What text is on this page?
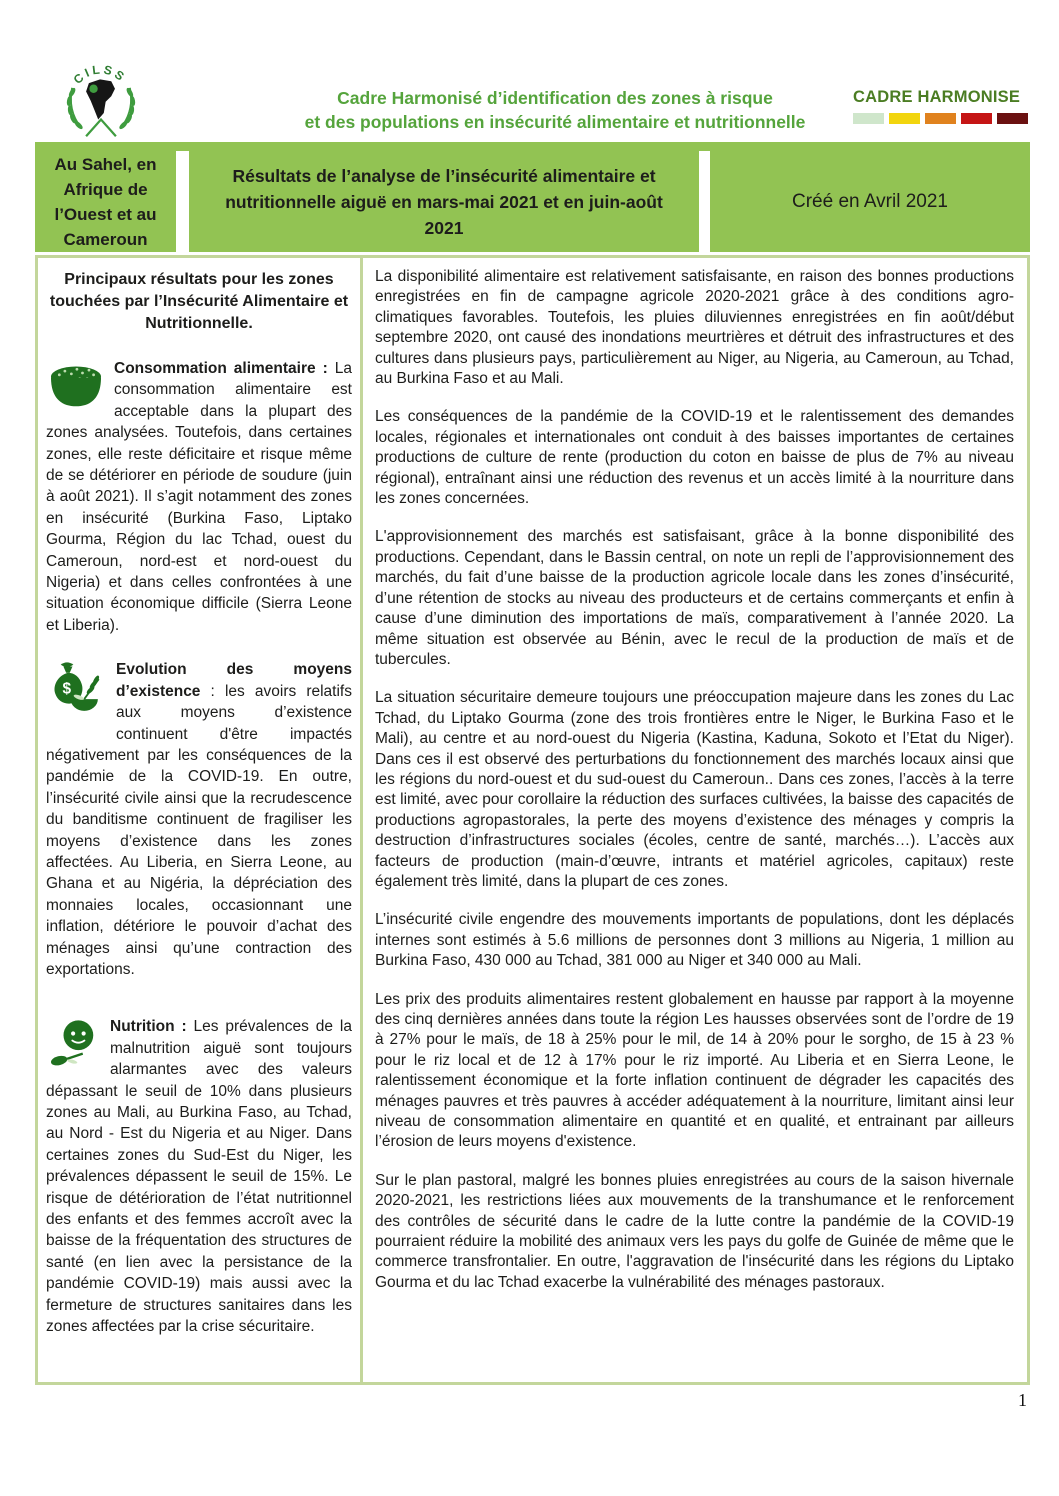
CILSS
Cadre Harmonisé d’identification des zones à risque
et des populations en insécurité alimentaire et nutritionnelle
CADRE HARMONISE
Au Sahel, en Afrique de l’Ouest et au Cameroun
Résultats de l’analyse de l’insécurité alimentaire et nutritionnelle aiguë en mars-mai 2021 et en juin-août 2021
Créé en Avril 2021
Principaux résultats pour les zones touchées par l’Insécurité Alimentaire et Nutritionnelle.

Consommation alimentaire : La consommation alimentaire est acceptable dans la plupart des zones analysées. Toutefois, dans certaines zones, elle reste déficitaire et risque même de se détériorer en période de soudure (juin à août 2021). Il s’agit notamment des zones en insécurité (Burkina Faso, Liptako Gourma, Région du lac Tchad, ouest du Cameroun, nord-est et nord-ouest du Nigeria) et dans celles confrontées à une situation économique difficile (Sierra Leone et Liberia).

$
Evolution des moyens d’existence : les avoirs relatifs aux moyens d’existence continuent d'être impactés négativement par les conséquences de la pandémie de la COVID-19. En outre, l’insécurité civile ainsi que la recrudescence du banditisme continuent de fragiliser les moyens d’existence dans les zones affectées. Au Liberia, en Sierra Leone, au Ghana et au Nigéria, la dépréciation des monnaies locales, occasionnant une inflation, détériore le pouvoir d’achat des ménages ainsi qu’une contraction des exportations.

Nutrition : Les prévalences de la malnutrition aiguë sont toujours alarmantes avec des valeurs dépassant le seuil de 10% dans plusieurs zones au Mali, au Burkina Faso, au Tchad, au Nord - Est du Nigeria et au Niger. Dans certaines zones du Sud-Est du Niger, les prévalences dépassent le seuil de 15%. Le risque de détérioration de l’état nutritionnel des enfants et des femmes accroît avec la baisse de la fréquentation des structures de santé (en lien avec la persistance de la pandémie COVID-19) mais aussi avec la fermeture de structures sanitaires dans les zones affectées par la crise sécuritaire.

La disponibilité alimentaire est relativement satisfaisante, en raison des bonnes productions enregistrées en fin de campagne agricole 2020-2021 grâce à des conditions agro-climatiques favorables. Toutefois, les pluies diluviennes enregistrées en fin août/début septembre 2020, ont causé des inondations meurtrières et détruit des infrastructures et des cultures dans plusieurs pays, particulièrement au Niger, au Nigeria, au Cameroun, au Tchad, au Burkina Faso et au Mali.

Les conséquences de la pandémie de la COVID-19 et le ralentissement des demandes locales, régionales et internationales ont conduit à des baisses importantes de certaines productions de culture de rente (production du coton en baisse de plus de 7% au niveau régional), entraînant ainsi une réduction des revenus et un accès limité à la nourriture dans les zones concernées.

L'approvisionnement des marchés est satisfaisant, grâce à la bonne disponibilité des productions. Cependant, dans le Bassin central, on note un repli de l’approvisionnement des marchés, du fait d’une baisse de la production agricole locale dans les zones d’insécurité, d’une rétention de stocks au niveau des producteurs et de certains commerçants et enfin à cause d’une diminution des importations de maïs, comparativement à l’année 2020. La même situation est observée au Bénin, avec le recul de la production de maïs et de tubercules.

La situation sécuritaire demeure toujours une préoccupation majeure dans les zones du Lac Tchad, du Liptako Gourma (zone des trois frontières entre le Niger, le Burkina Faso et le Mali), au centre et au nord-ouest du Nigeria (Kastina, Kaduna, Sokoto et l’Etat du Niger). Dans ces il est observé des perturbations du fonctionnement des marchés locaux ainsi que les régions du nord-ouest et du sud-ouest du Cameroun.. Dans ces zones, l’accès à la terre est limité, avec pour corollaire la réduction des surfaces cultivées, la baisse des capacités de productions agropastorales, la perte des moyens d’existence des ménages y compris la destruction d’infrastructures sociales (écoles, centre de santé, marchés…). L’accès aux facteurs de production (main-d’œuvre, intrants et matériel agricoles, capitaux) reste également très limité, dans la plupart de ces zones.

L’insécurité civile engendre des mouvements importants de populations, dont les déplacés internes sont estimés à 5.6 millions de personnes dont 3 millions au Nigeria, 1 million au Burkina Faso, 430 000 au Tchad, 381 000 au Niger et 340 000 au Mali.

Les prix des produits alimentaires restent globalement en hausse par rapport à la moyenne des cinq dernières années dans toute la région Les hausses observées sont de l’ordre de 19 à 27% pour le maïs, de 18 à 25% pour le mil, de 14 à 20% pour le sorgho, de 15 à 23 % pour le riz local et de 12 à 17% pour le riz importé. Au Liberia et en Sierra Leone, le ralentissement économique et la forte inflation continuent de dégrader les capacités des ménages pauvres et très pauvres à accéder adéquatement à la nourriture, limitant ainsi leur niveau de consommation alimentaire en quantité et en qualité, et entrainant par ailleurs l’érosion de leurs moyens d'existence.

Sur le plan pastoral, malgré les bonnes pluies enregistrées au cours de la saison hivernale 2020-2021, les restrictions liées aux mouvements de la transhumance et le renforcement des contrôles de sécurité dans le cadre de la lutte contre la pandémie de la COVID-19 pourraient réduire la mobilité des animaux vers les pays du golfe de Guinée de même que le commerce transfrontalier. En outre, l'aggravation de l'insécurité dans les régions du Liptako Gourma et du lac Tchad exacerbe la vulnérabilité des ménages pastoraux.

1
